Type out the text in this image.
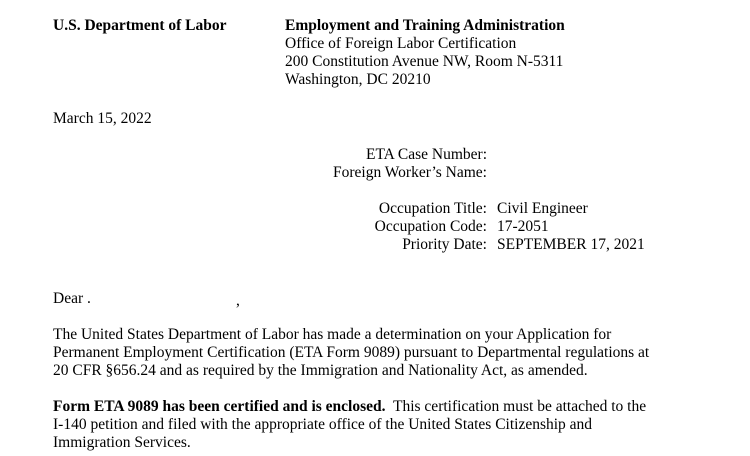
U.S. Department of Labor	Employment and Training Administration
Office of Foreign Labor Certification
200 Constitution Avenue NW, Room N-5311
Washington, DC 20210
March 15, 2022
ETA Case Number:
Foreign Worker’s Name:
Occupation Title:
Occupation Code:
Priority Date:
Civil Engineer
17-2051
SEPTEMBER 17, 2021
Dear .	,
The United States Department of Labor has made a determination on your Application for
Permanent Employment Certification (ETA Form 9089) pursuant to Departmental regulations at
20 CFR §656.24 and as required by the Immigration and Nationality Act, as amended.
Form ETA 9089 has been certified and is enclosed.  This certification must be attached to the
I-140 petition and filed with the appropriate office of the United States Citizenship and
Immigration Services.
